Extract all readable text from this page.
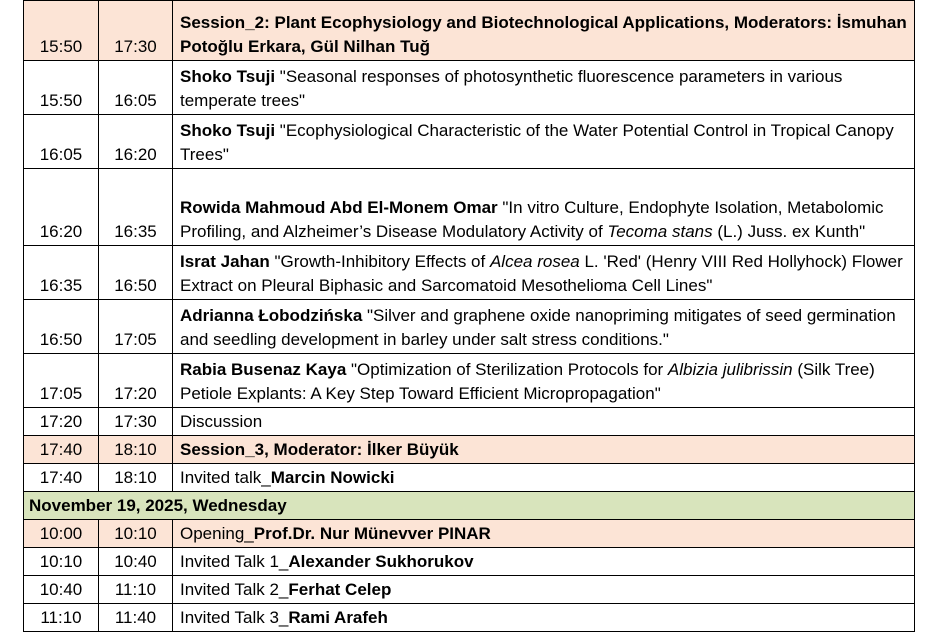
15:50	17:30	Session_2: Plant Ecophysiology and Biotechnological Applications, Moderators: İsmuhan Potoğlu Erkara, Gül Nilhan Tuğ
15:50	16:05	Shoko Tsuji "Seasonal responses of photosynthetic fluorescence parameters in various temperate trees"
16:05	16:20	Shoko Tsuji "Ecophysiological Characteristic of the Water Potential Control in Tropical Canopy Trees"
16:20	16:35	Rowida Mahmoud Abd El-Monem Omar "In vitro Culture, Endophyte Isolation, Metabolomic Profiling, and Alzheimer’s Disease Modulatory Activity of Tecoma stans (L.) Juss. ex Kunth"
16:35	16:50	Israt Jahan "Growth-Inhibitory Effects of Alcea rosea L. 'Red' (Henry VIII Red Hollyhock) Flower Extract on Pleural Biphasic and Sarcomatoid Mesothelioma Cell Lines"
16:50	17:05	Adrianna Łobodzińska "Silver and graphene oxide nanopriming mitigates of seed germination and seedling development in barley under salt stress conditions."
17:05	17:20	Rabia Busenaz Kaya "Optimization of Sterilization Protocols for Albizia julibrissin (Silk Tree) Petiole Explants: A Key Step Toward Efficient Micropropagation"
17:20	17:30	Discussion
17:40	18:10	Session_3, Moderator: İlker Büyük
17:40	18:10	Invited talk_Marcin Nowicki
November 19, 2025, Wednesday		
10:00	10:10	Opening_Prof.Dr. Nur Münevver PINAR
10:10	10:40	Invited Talk 1_Alexander Sukhorukov
10:40	11:10	Invited Talk 2_Ferhat Celep
11:10	11:40	Invited Talk 3_Rami Arafeh
